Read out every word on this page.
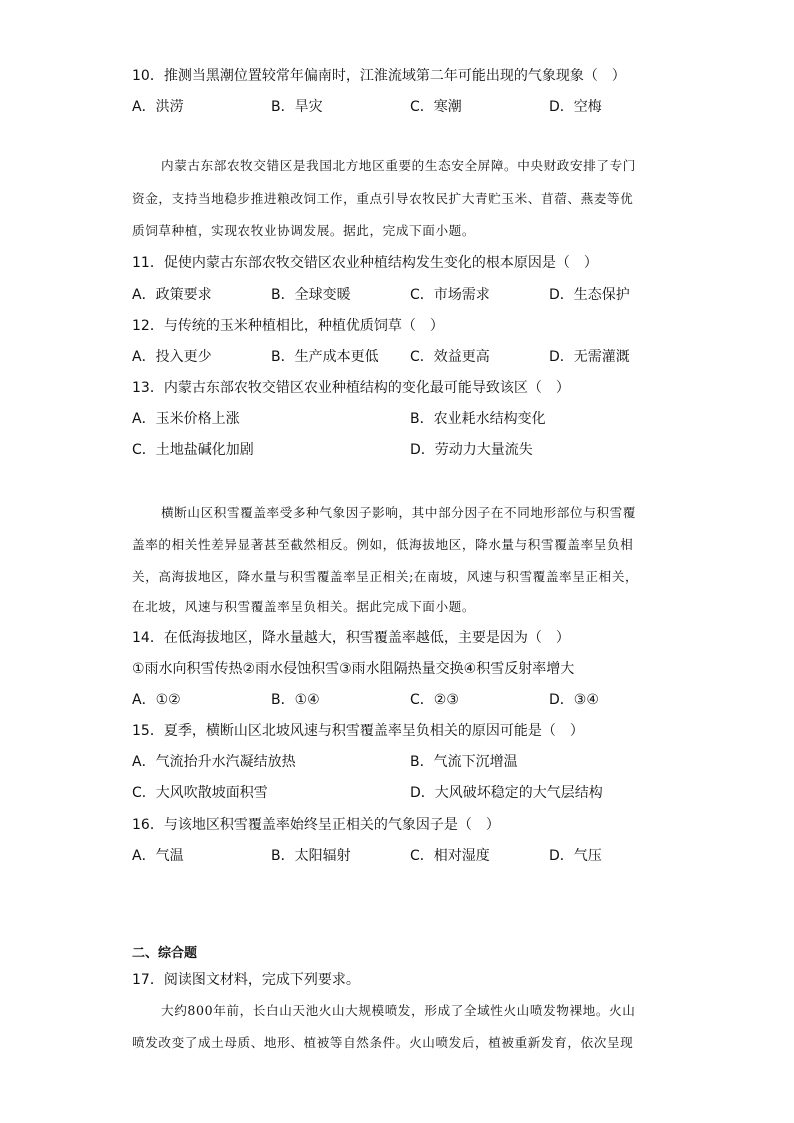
10．推测当黑潮位置较常年偏南时，江淮流域第二年可能出现的气象现象（　）
A．洪涝	B．旱灾	C．寒潮	D．空梅
内蒙古东部农牧交错区是我国北方地区重要的生态安全屏障。中央财政安排了专门
资金，支持当地稳步推进粮改饲工作，重点引导农牧民扩大青贮玉米、苜蓿、燕麦等优
质饲草种植，实现农牧业协调发展。据此，完成下面小题。
11．促使内蒙古东部农牧交错区农业种植结构发生变化的根本原因是（　）
A．政策要求	B．全球变暖	C．市场需求	D．生态保护
12．与传统的玉米种植相比，种植优质饲草（　）
A．投入更少	B．生产成本更低 C．效益更高	D．无需灌溉
13．内蒙古东部农牧交错区农业种植结构的变化最可能导致该区（　）
A．玉米价格上涨	B．农业耗水结构变化
C．土地盐碱化加剧	D．劳动力大量流失
横断山区积雪覆盖率受多种气象因子影响，其中部分因子在不同地形部位与积雪覆
盖率的相关性差异显著甚至截然相反。例如，低海拔地区，降水量与积雪覆盖率呈负相
关，高海拔地区，降水量与积雪覆盖率呈正相关;在南坡，风速与积雪覆盖率呈正相关，
在北坡，风速与积雪覆盖率呈负相关。据此完成下面小题。
14．在低海拔地区，降水量越大，积雪覆盖率越低，主要是因为（　）
①雨水向积雪传热②雨水侵蚀积雪③雨水阻隔热量交换④积雪反射率增大
A．①②	B．①④	C．②③	D．③④
15．夏季，横断山区北坡风速与积雪覆盖率呈负相关的原因可能是（　）
A．气流抬升水汽凝结放热	B．气流下沉增温
C．大风吹散坡面积雪	D．大风破坏稳定的大气层结构
16．与该地区积雪覆盖率始终呈正相关的气象因子是（　）
A．气温	B．太阳辐射	C．相对湿度	D．气压
二、综合题
17．阅读图文材料，完成下列要求。
大约800年前，长白山天池火山大规模喷发，形成了全域性火山喷发物裸地。火山
喷发改变了成土母质、地形、植被等自然条件。火山喷发后，植被重新发育，依次呈现
